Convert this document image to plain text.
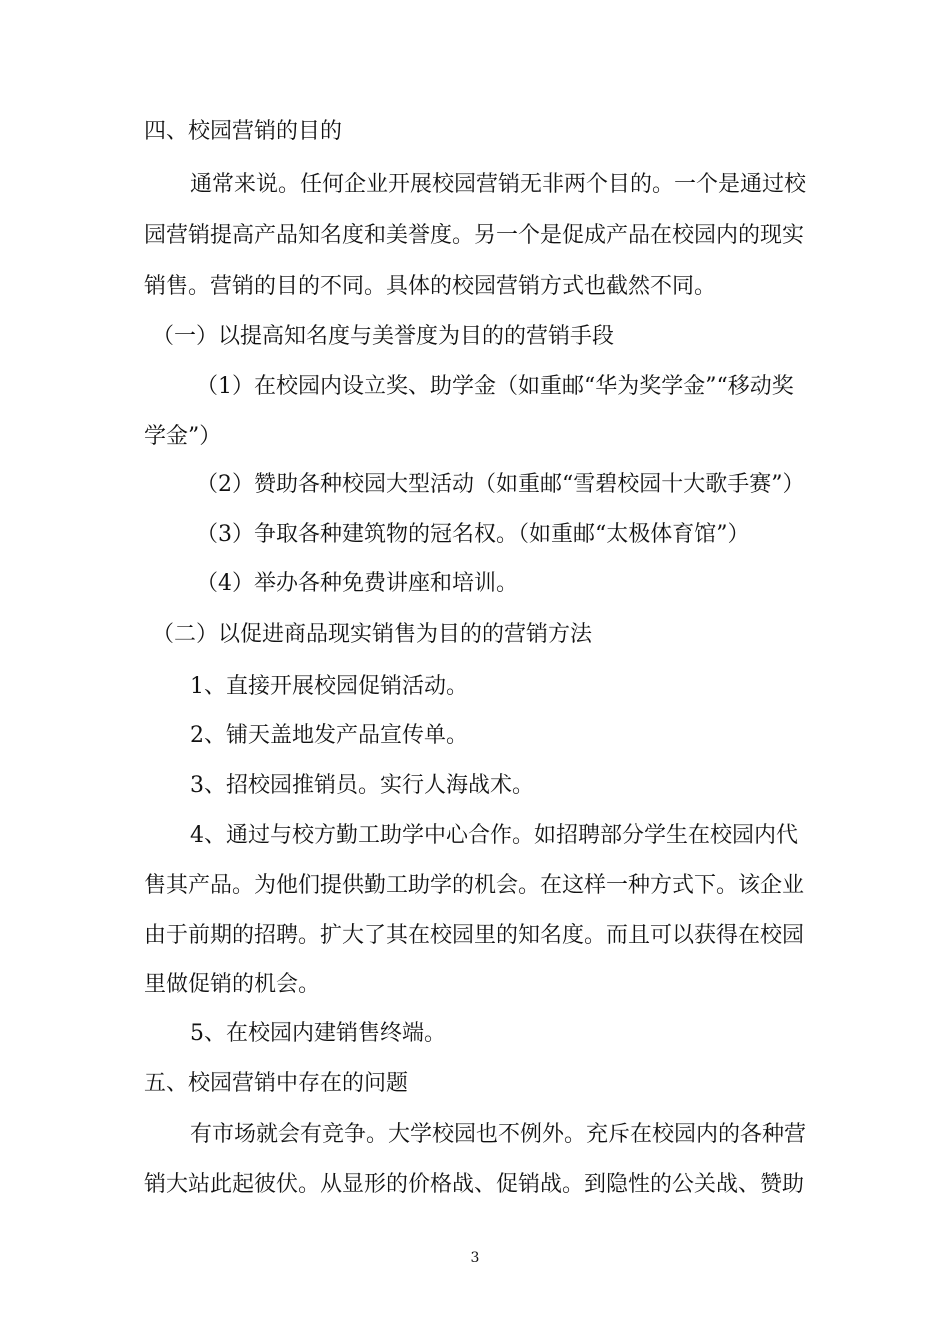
四、校园营销的目的
通常来说。任何企业开展校园营销无非两个目的。一个是通过校
园营销提高产品知名度和美誉度。另一个是促成产品在校园内的现实
销售。营销的目的不同。具体的校园营销方式也截然不同。
（一）以提高知名度与美誉度为目的的营销手段
（1）在校园内设立奖、助学金（如重邮“华为奖学金”“移动奖
学金”）
（2）赞助各种校园大型活动（如重邮“雪碧校园十大歌手赛”）
（3）争取各种建筑物的冠名权。（如重邮“太极体育馆”）
（4）举办各种免费讲座和培训。
（二）以促进商品现实销售为目的的营销方法
1、直接开展校园促销活动。
2、铺天盖地发产品宣传单。
3、招校园推销员。实行人海战术。
4、通过与校方勤工助学中心合作。如招聘部分学生在校园内代
售其产品。为他们提供勤工助学的机会。在这样一种方式下。该企业
由于前期的招聘。扩大了其在校园里的知名度。而且可以获得在校园
里做促销的机会。
5、在校园内建销售终端。
五、校园营销中存在的问题
有市场就会有竞争。大学校园也不例外。充斥在校园内的各种营
销大站此起彼伏。从显形的价格战、促销战。到隐性的公关战、赞助
3
